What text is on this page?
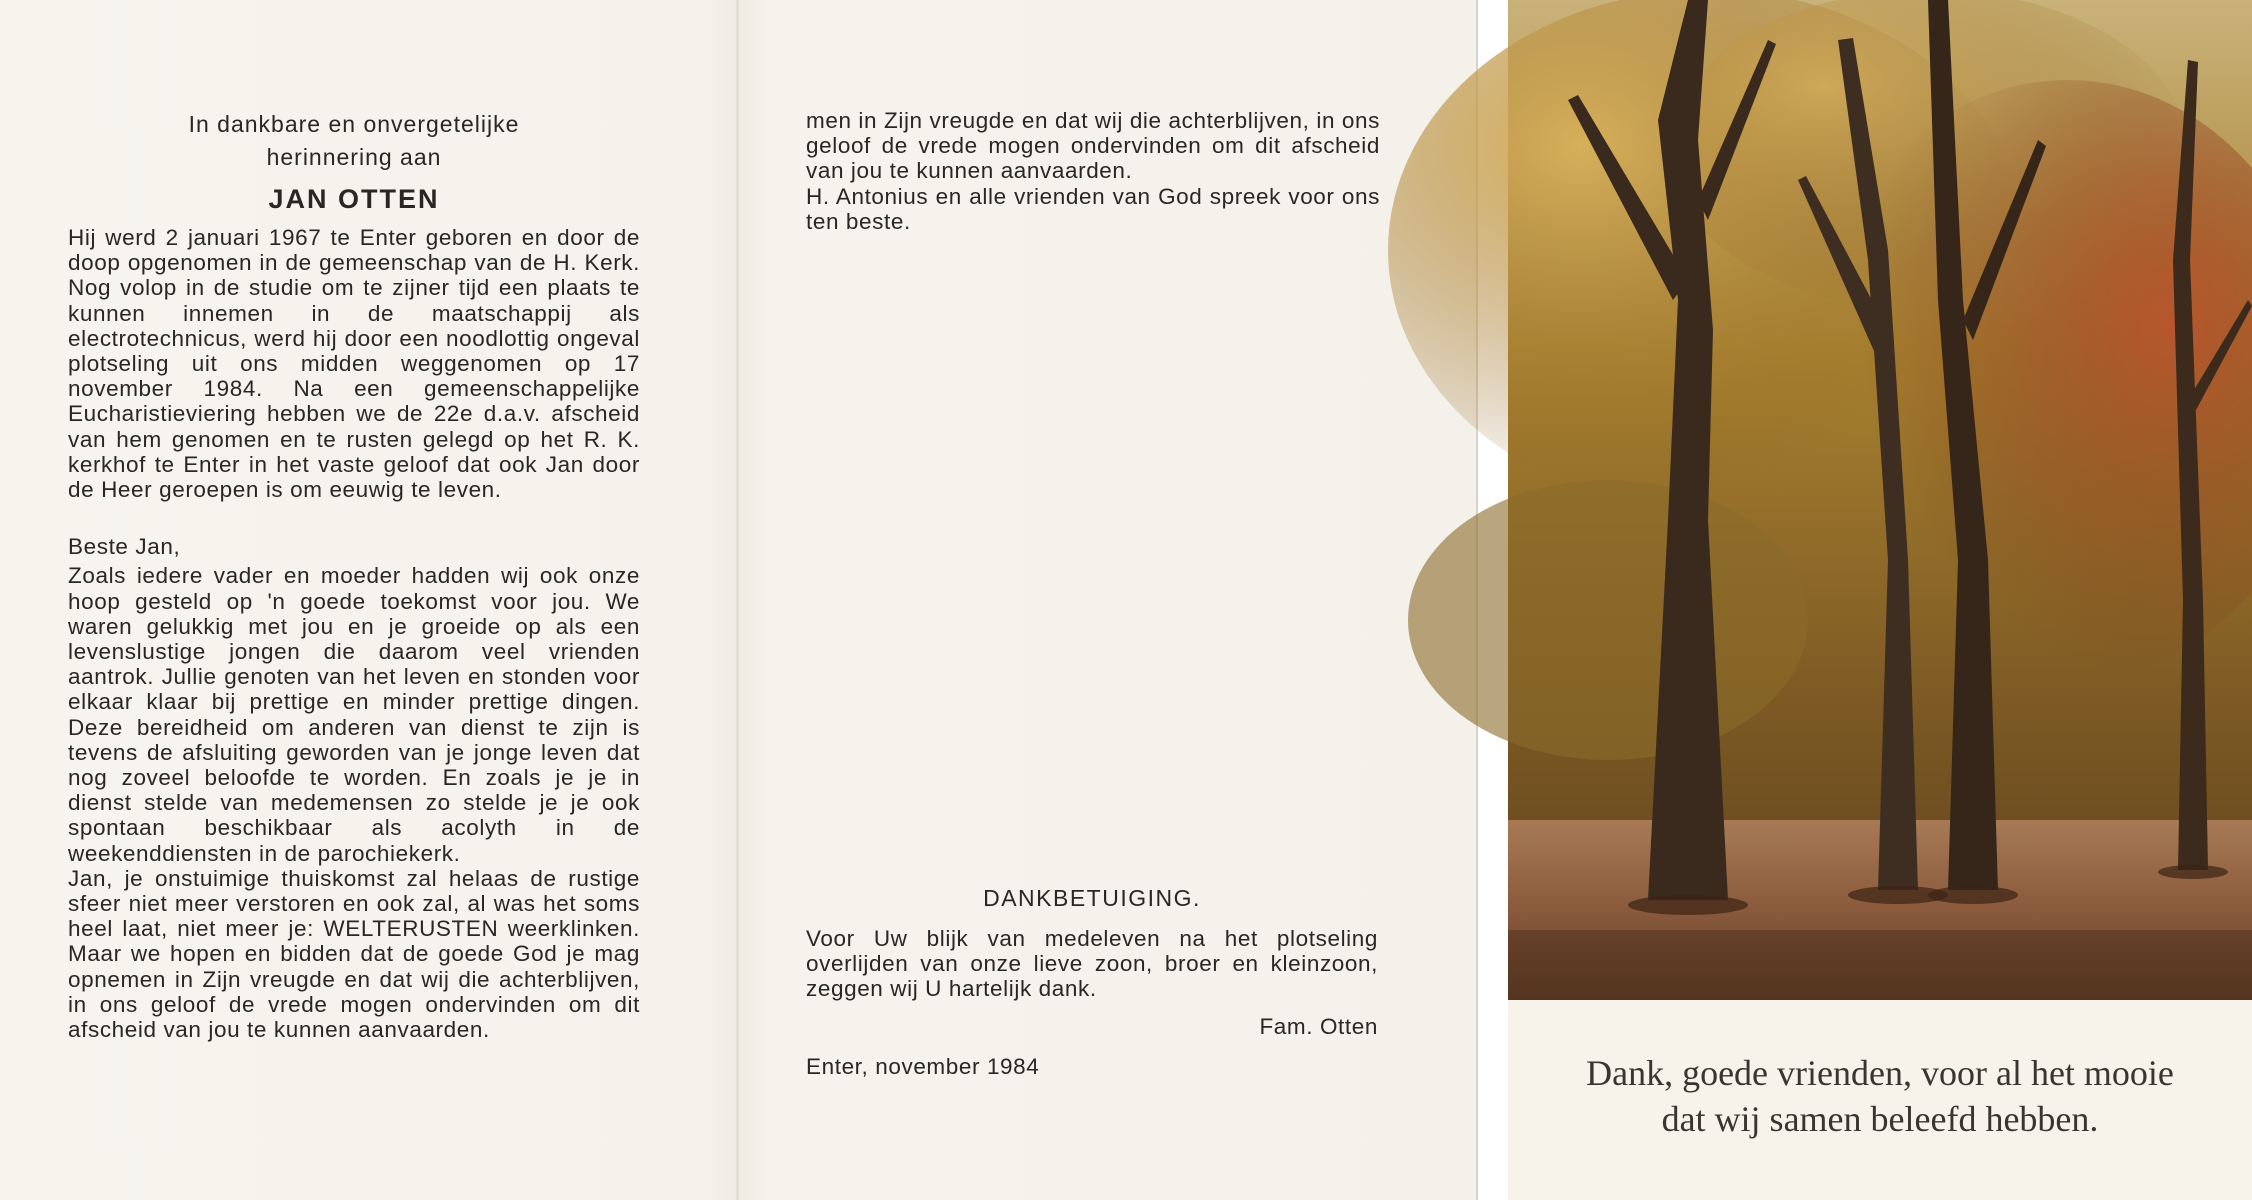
In dankbare en onvergetelijke
herinnering aan
JAN OTTEN

Hij werd 2 januari 1967 te Enter geboren en door de doop opgenomen in de gemeenschap van de H. Kerk. Nog volop in de studie om te zijner tijd een plaats te kunnen innemen in de maatschappij als electrotechnicus, werd hij door een noodlottig ongeval plotseling uit ons midden weggenomen op 17 november 1984. Na een gemeenschappelijke Eucharistieviering hebben we de 22e d.a.v. afscheid van hem genomen en te rusten gelegd op het R. K. kerkhof te Enter in het vaste geloof dat ook Jan door de Heer geroepen is om eeuwig te leven.

Beste Jan,

Zoals iedere vader en moeder hadden wij ook onze hoop gesteld op 'n goede toekomst voor jou. We waren gelukkig met jou en je groeide op als een levenslustige jongen die daarom veel vrienden aantrok. Jullie genoten van het leven en stonden voor elkaar klaar bij prettige en minder prettige dingen. Deze bereidheid om anderen van dienst te zijn is tevens de afsluiting geworden van je jonge leven dat nog zoveel beloofde te worden. En zoals je je in dienst stelde van medemensen zo stelde je je ook spontaan beschikbaar als acolyth in de weekenddiensten in de parochiekerk.

Jan, je onstuimige thuiskomst zal helaas de rustige sfeer niet meer verstoren en ook zal, al was het soms heel laat, niet meer je: WELTERUSTEN weerklinken. Maar we hopen en bidden dat de goede God je mag opnemen in Zijn vreugde en dat wij die achterblijven, in ons geloof de vrede mogen ondervinden om dit afscheid van jou te kunnen aanvaarden.

men in Zijn vreugde en dat wij die achterblijven, in ons geloof de vrede mogen ondervinden om dit afscheid van jou te kunnen aanvaarden.

H. Antonius en alle vrienden van God spreek voor ons ten beste.

DANKBETUIGING.

Voor Uw blijk van medeleven na het plotseling overlijden van onze lieve zoon, broer en kleinzoon, zeggen wij U hartelijk dank.

Fam. Otten
Enter, november 1984	Dank, goede vrienden, voor al het mooie
dat wij samen beleefd hebben.
